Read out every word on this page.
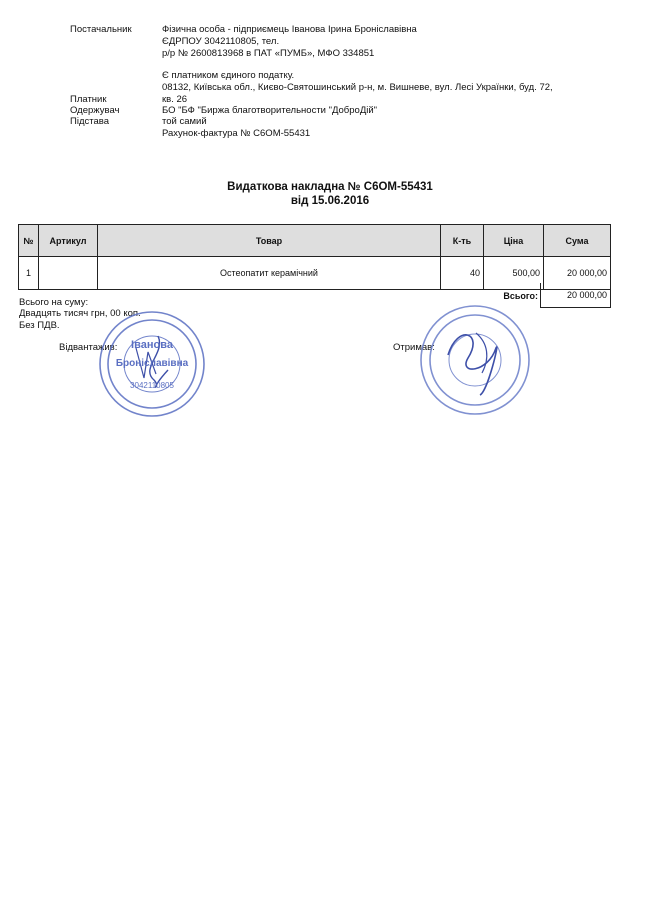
Постачальник	Фізична особа - підприємець Іванова Ірина Броніславівна
ЄДРПОУ 3042110805, тел.
р/р № 2600813968 в ПАТ «ПУМБ», МФО 334851
Є платником єдиного податку.
08132, Київська обл., Києво-Святошинський р-н, м. Вишневе, вул. Лесі Українки, буд. 72,
Платник	кв. 26
Одержувач	БО "БФ "Биржа благотворительности "ДоброДій"
Підстава	той самий
Рахунок-фактура № С6ОМ-55431
Видаткова накладна № С6ОМ-55431
від 15.06.2016
№	Артикул	Товар	К-ть	Ціна	Сума
1		Остеопатит керамічний	40	500,00	20 000,00
Всього:	20 000,00
Всього на суму:
Двадцять тисяч грн, 00 коп.
Без ПДВ.
Відвантажив:	Отримав:
Іванова
Броніславівна
3042110805
